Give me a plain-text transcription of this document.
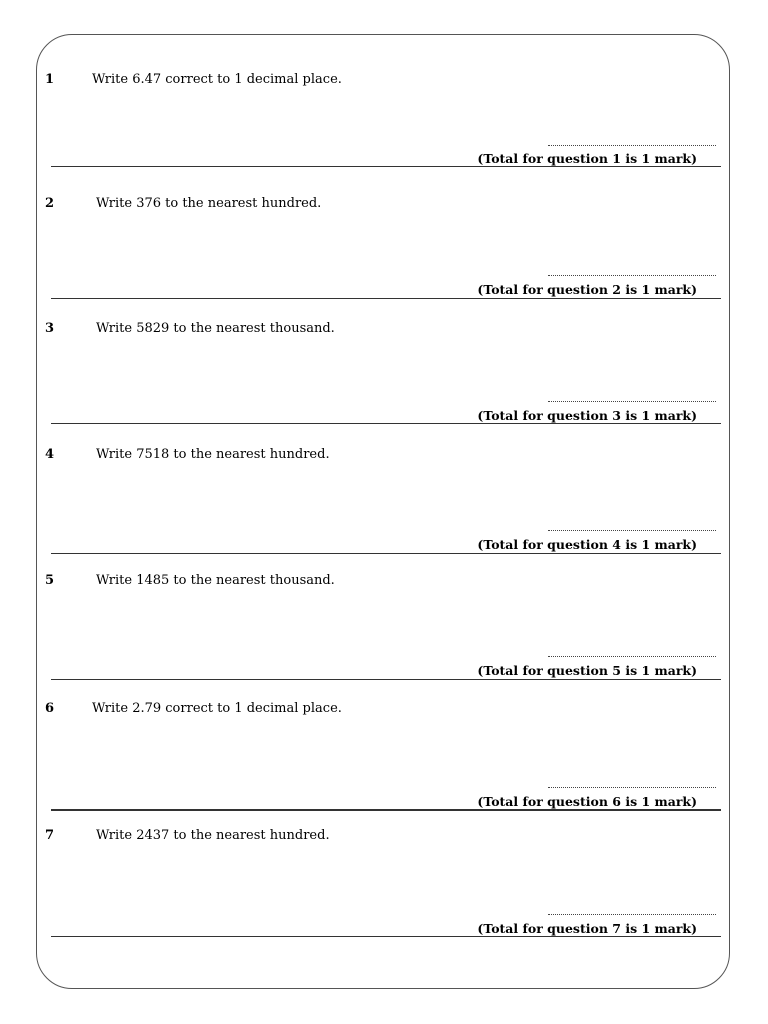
1	Write 6.47 correct to 1 decimal place.
(Total for question 1 is 1 mark)
2	Write 376 to the nearest hundred.
(Total for question 2 is 1 mark)
3	Write 5829 to the nearest thousand.
(Total for question 3 is 1 mark)
4	Write 7518 to the nearest hundred.
(Total for question 4 is 1 mark)
5	Write 1485 to the nearest thousand.
(Total for question 5 is 1 mark)
6	Write 2.79 correct to 1 decimal place.
(Total for question 6 is 1 mark)
7	Write 2437 to the nearest hundred.
(Total for question 7 is 1 mark)
